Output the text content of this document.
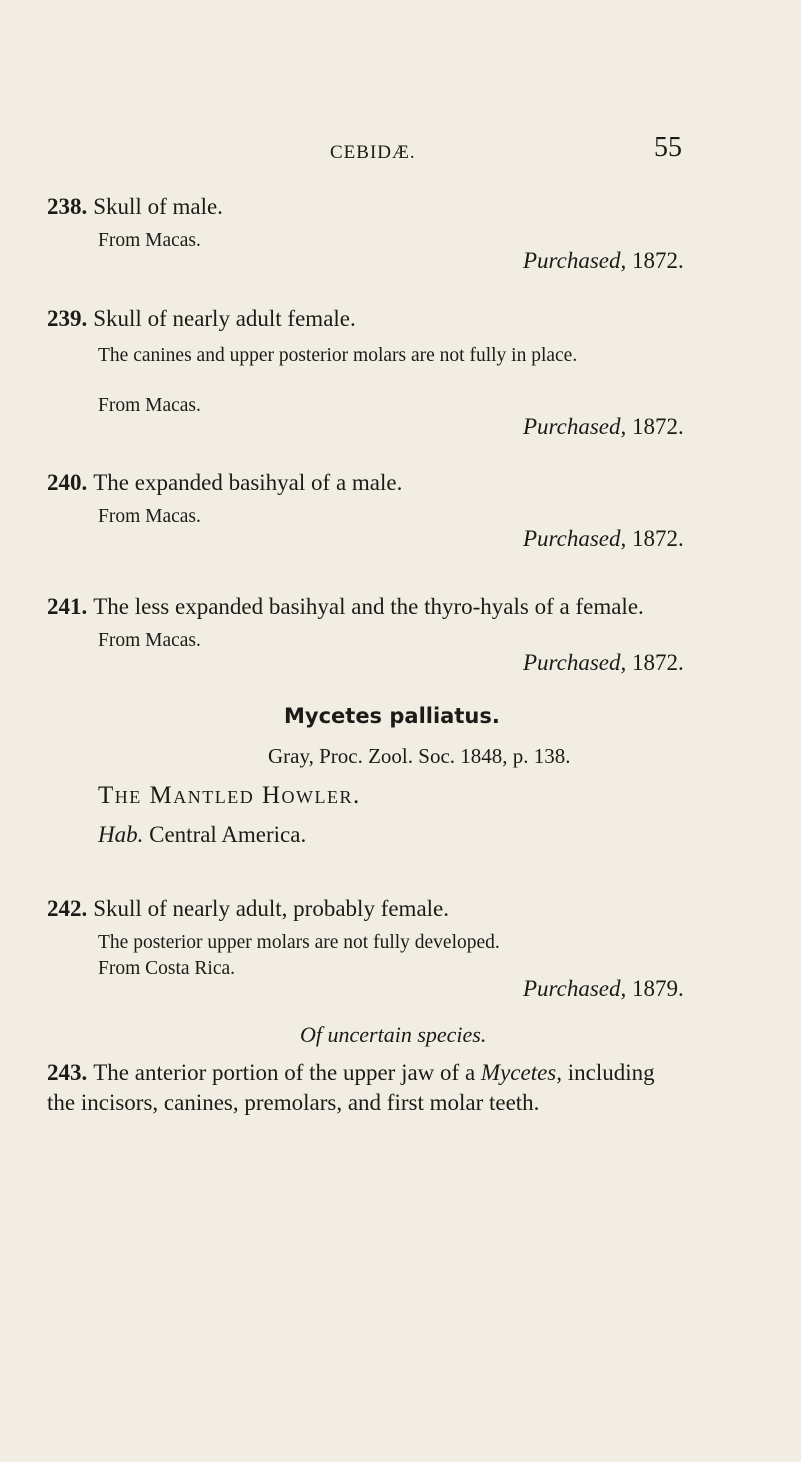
CEBIDÆ.	55
238. Skull of male.
From Macas.
Purchased, 1872.
239. Skull of nearly adult female.
The canines and upper posterior molars are not fully in place.
From Macas.
Purchased, 1872.
240. The expanded basihyal of a male.
From Macas.
Purchased, 1872.
241. The less expanded basihyal and the thyro-hyals of a female.
From Macas.
Purchased, 1872.
Mycetes palliatus.
Gray, Proc. Zool. Soc. 1848, p. 138.
The Mantled Howler.
Hab. Central America.
242. Skull of nearly adult, probably female.
The posterior upper molars are not fully developed.
From Costa Rica.
Purchased, 1879.
Of uncertain species.
243. The anterior portion of the upper jaw of a Mycetes, including the incisors, canines, premolars, and first molar teeth.
